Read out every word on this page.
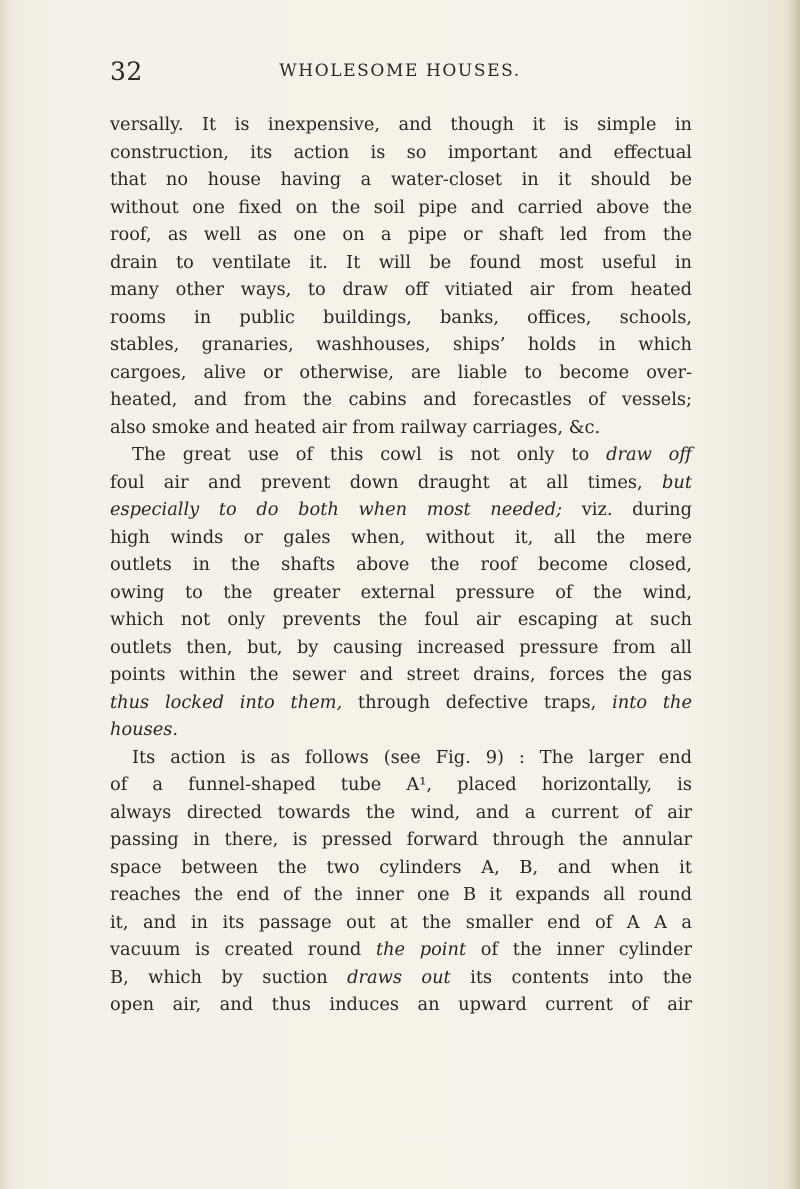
32	WHOLESOME HOUSES.
versally. It is inexpensive, and though it is simple in
construction, its action is so important and effectual
that no house having a water-closet in it should be
without one fixed on the soil pipe and carried above the
roof, as well as one on a pipe or shaft led from the
drain to ventilate it. It will be found most useful in
many other ways, to draw off vitiated air from heated
rooms in public buildings, banks, offices, schools,
stables, granaries, washhouses, ships’ holds in which
cargoes, alive or otherwise, are liable to become over-
heated, and from the cabins and forecastles of vessels;
also smoke and heated air from railway carriages, &c.
The great use of this cowl is not only to draw off
foul air and prevent down draught at all times, but
especially to do both when most needed; viz. during
high winds or gales when, without it, all the mere
outlets in the shafts above the roof become closed,
owing to the greater external pressure of the wind,
which not only prevents the foul air escaping at such
outlets then, but, by causing increased pressure from all
points within the sewer and street drains, forces the gas
thus locked into them, through defective traps, into the
houses.
Its action is as follows (see Fig. 9) : The larger end
of a funnel-shaped tube A¹, placed horizontally, is
always directed towards the wind, and a current of air
passing in there, is pressed forward through the annular
space between the two cylinders A, B, and when it
reaches the end of the inner one B it expands all round
it, and in its passage out at the smaller end of A A a
vacuum is created round the point of the inner cylinder
B, which by suction draws out its contents into the
open air, and thus induces an upward current of air
